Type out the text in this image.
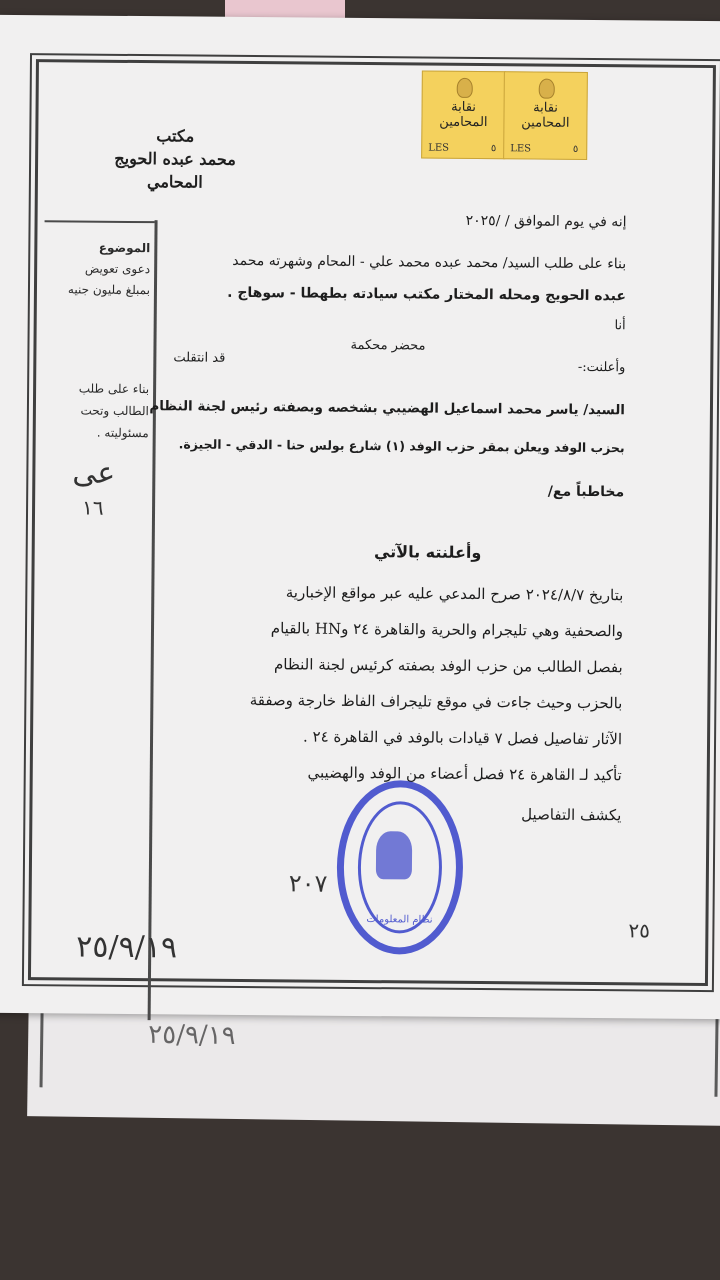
٢٥/٩/١٩
نقابة المحامين
LES	٥
نقابة المحامين
LES	٥
مكتب
محمد عبده الحويج
المحامي
الموضوع
دعوى تعويض
بمبلغ مليون جنيه
بناء على طلب
الطالب وتحت
مسئوليته .
عى
١٦
إنه في يوم الموافق / /٢٠٢٥
بناء على طلب السيد/ محمد عبده محمد علي - المحام وشهرته محمد
عبده الحويج ومحله المختار مكتب سيادته بطهطا - سوهاج .
أنا
محضر محكمة
قد انتقلت
وأعلنت:-
السيد/ ياسر محمد اسماعيل الهضيبي بشخصه وبصفته رئيس لجنة النظام
بحزب الوفد ويعلن بمقر حزب الوفد (١) شارع بولس حنا - الدقي - الجيزة.
مخاطباً مع/
وأعلنته بالآتي
بتاريخ ٢٠٢٤/٨/٧ صرح المدعي عليه عبر مواقع الإخبارية
والصحفية وهي تليجرام والحرية والقاهرة ٢٤ وHN بالقيام
بفصل الطالب من حزب الوفد بصفته كرئيس لجنة النظام
بالحزب وحيث جاءت في موقع تليجراف الفاظ خارجة وصفقة
الآثار تفاصيل فصل ٧ قيادات بالوفد في القاهرة ٢٤ .
تأكيد لـ القاهرة ٢٤ فصل أعضاء من الوفد والهضيبي
يكشف التفاصيل
نظام المعلومات
٢٠٧
٢٥
٢٥/٩/١٩
